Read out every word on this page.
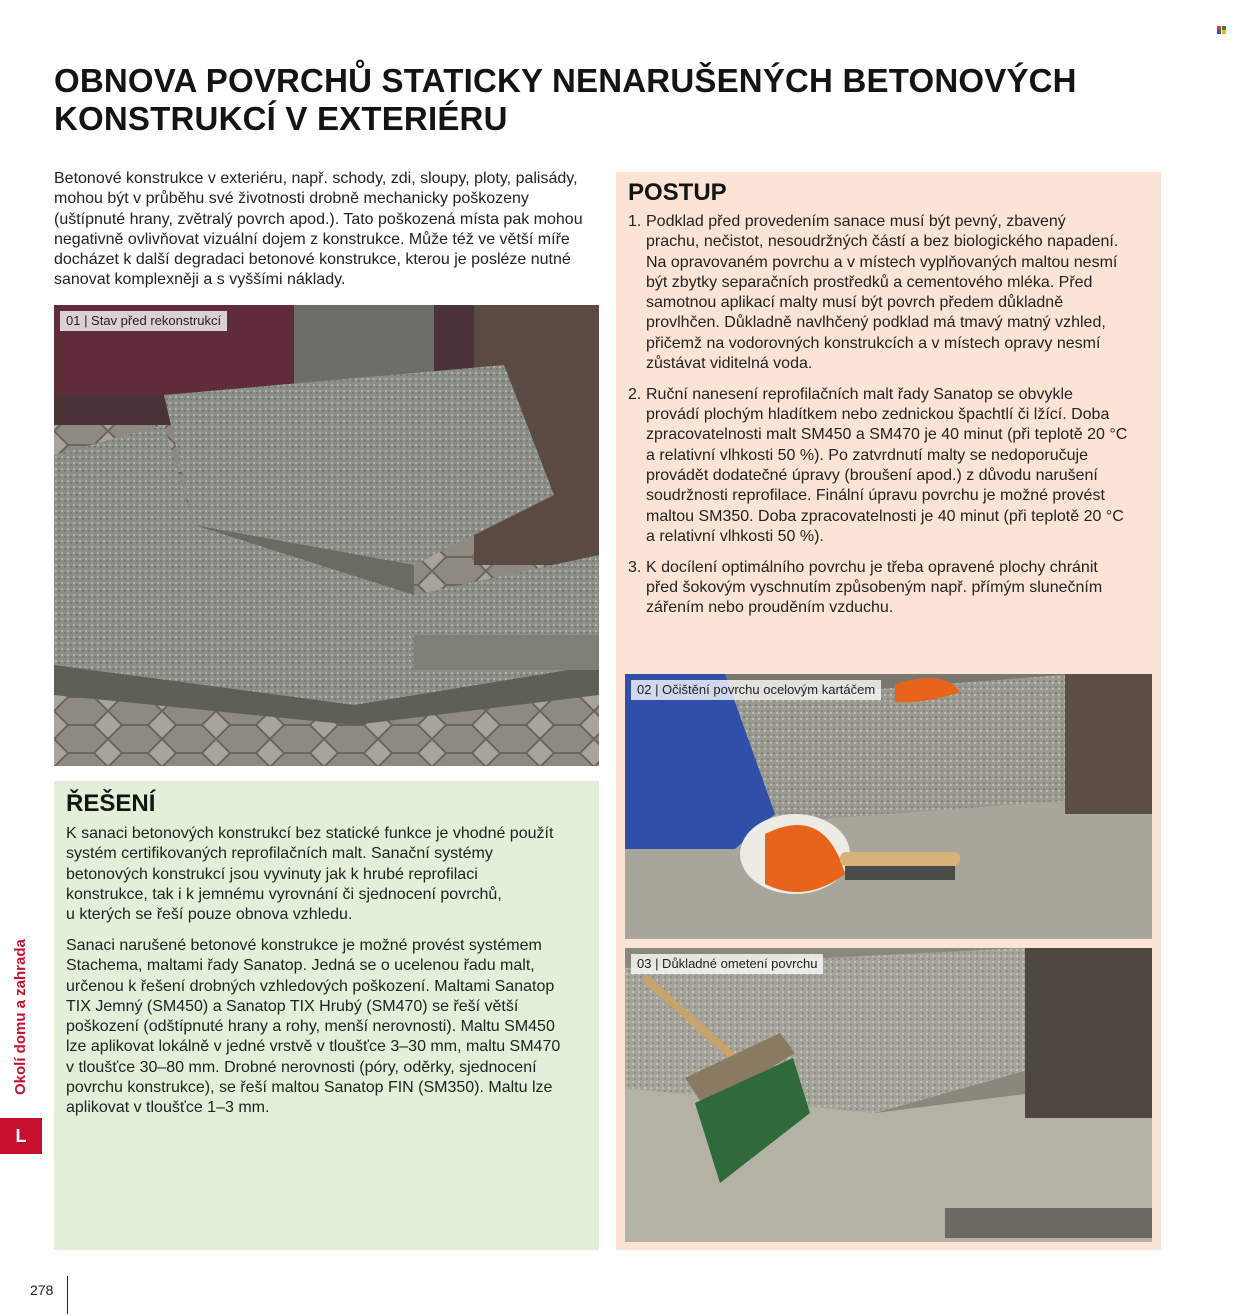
OBNOVA POVRCHŮ STATICKY NENARUŠENÝCH BETONOVÝCH
KONSTRUKCÍ V EXTERIÉRU
Betonové konstrukce v exteriéru, např. schody, zdi, sloupy, ploty, palisády,
mohou být v průběhu své životnosti drobně mechanicky poškozeny
(uštípnuté hrany, zvětralý povrch apod.). Tato poškozená místa pak mohou
negativně ovlivňovat vizuální dojem z konstrukce. Může též ve větší míře
docházet k další degradaci betonové konstrukce, kterou je posléze nutné
sanovat komplexněji a s vyššími náklady.
01 | Stav před rekonstrukcí
ŘEŠENÍ
K sanaci betonových konstrukcí bez statické funkce je vhodné použít
systém certifikovaných reprofilačních malt. Sanační systémy
betonových konstrukcí jsou vyvinuty jak k hrubé reprofilaci
konstrukce, tak i k jemnému vyrovnání či sjednocení povrchů,
u kterých se řeší pouze obnova vzhledu.
Sanaci narušené betonové konstrukce je možné provést systémem
Stachema, maltami řady Sanatop. Jedná se o ucelenou řadu malt,
určenou k řešení drobných vzhledových poškození. Maltami Sanatop
TIX Jemný (SM450) a Sanatop TIX Hrubý (SM470) se řeší větší
poškození (odštípnuté hrany a rohy, menší nerovnosti). Maltu SM450
lze aplikovat lokálně v jedné vrstvě v tloušťce 3–30 mm, maltu SM470
v tloušťce 30–80 mm. Drobné nerovnosti (póry, oděrky, sjednocení
povrchu konstrukce), se řeší maltou Sanatop FIN (SM350). Maltu lze
aplikovat v tloušťce 1–3 mm.
POSTUP
1. Podklad před provedením sanace musí být pevný, zbavený
prachu, nečistot, nesoudržných částí a bez biologického napadení.
Na opravovaném povrchu a v místech vyplňovaných maltou nesmí
být zbytky separačních prostředků a cementového mléka. Před
samotnou aplikací malty musí být povrch předem důkladně
provlhčen. Důkladně navlhčený podklad má tmavý matný vzhled,
přičemž na vodorovných konstrukcích a v místech opravy nesmí
zůstávat viditelná voda.
2. Ruční nanesení reprofilačních malt řady Sanatop se obvykle
provádí plochým hladítkem nebo zednickou špachtlí či lžící. Doba
zpracovatelnosti malt SM450 a SM470 je 40 minut (při teplotě 20 °C
a relativní vlhkosti 50 %). Po zatvrdnutí malty se nedoporučuje
provádět dodatečné úpravy (broušení apod.) z důvodu narušení
soudržnosti reprofilace. Finální úpravu povrchu je možné provést
maltou SM350. Doba zpracovatelnosti je 40 minut (při teplotě 20 °C
a relativní vlhkosti 50 %).
3. K docílení optimálního povrchu je třeba opravené plochy chránit
před šokovým vyschnutím způsobeným např. přímým slunečním
zářením nebo prouděním vzduchu.
02 | Očištění povrchu ocelovým kartáčem
03 | Důkladné ometení povrchu
Okolí domu a zahrada
L
278
